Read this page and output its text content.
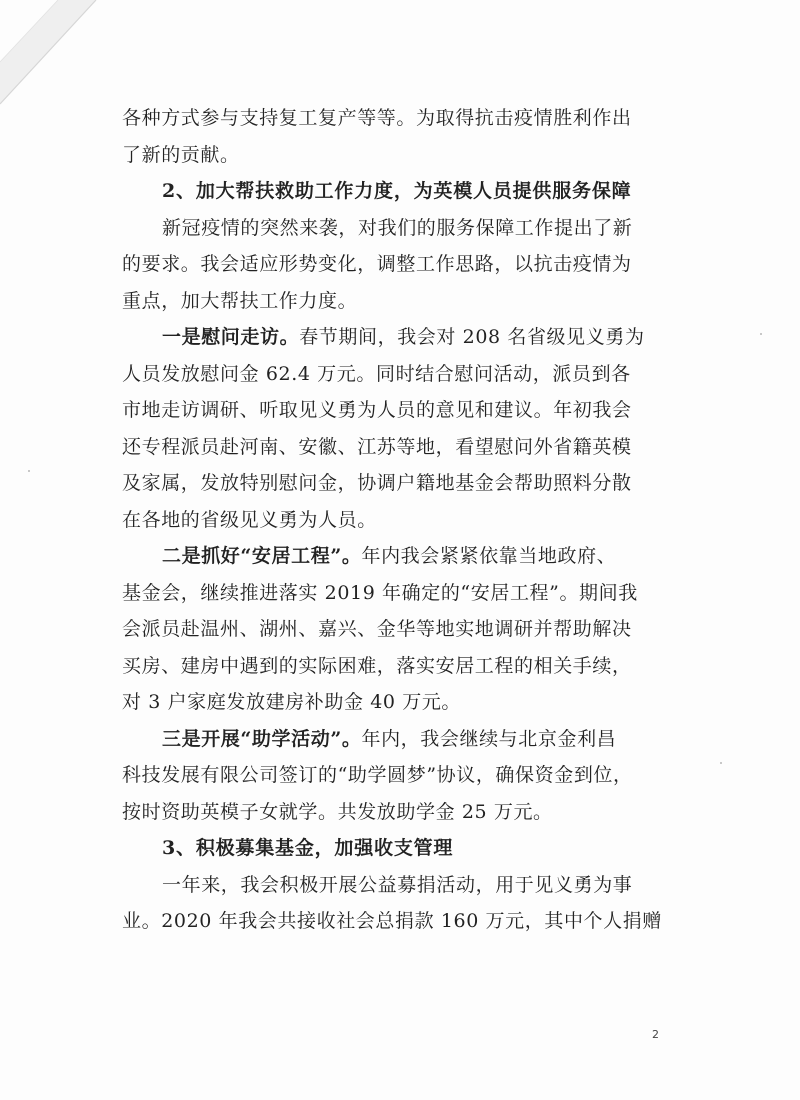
各种方式参与支持复工复产等等。为取得抗击疫情胜利作出
了新的贡献。
2、加大帮扶救助工作力度，为英模人员提供服务保障
新冠疫情的突然来袭，对我们的服务保障工作提出了新
的要求。我会适应形势变化，调整工作思路，以抗击疫情为
重点，加大帮扶工作力度。
一是慰问走访。春节期间，我会对 208 名省级见义勇为
人员发放慰问金 62.4 万元。同时结合慰问活动，派员到各
市地走访调研、听取见义勇为人员的意见和建议。年初我会
还专程派员赴河南、安徽、江苏等地，看望慰问外省籍英模
及家属，发放特别慰问金，协调户籍地基金会帮助照料分散
在各地的省级见义勇为人员。
二是抓好“安居工程”。年内我会紧紧依靠当地政府、
基金会，继续推进落实 2019 年确定的“安居工程”。期间我
会派员赴温州、湖州、嘉兴、金华等地实地调研并帮助解决
买房、建房中遇到的实际困难，落实安居工程的相关手续，
对 3 户家庭发放建房补助金 40 万元。
三是开展“助学活动”。年内，我会继续与北京金利昌
科技发展有限公司签订的“助学圆梦”协议，确保资金到位，
按时资助英模子女就学。共发放助学金 25 万元。
3、积极募集基金，加强收支管理
一年来，我会积极开展公益募捐活动，用于见义勇为事
业。2020 年我会共接收社会总捐款 160 万元，其中个人捐赠
2
